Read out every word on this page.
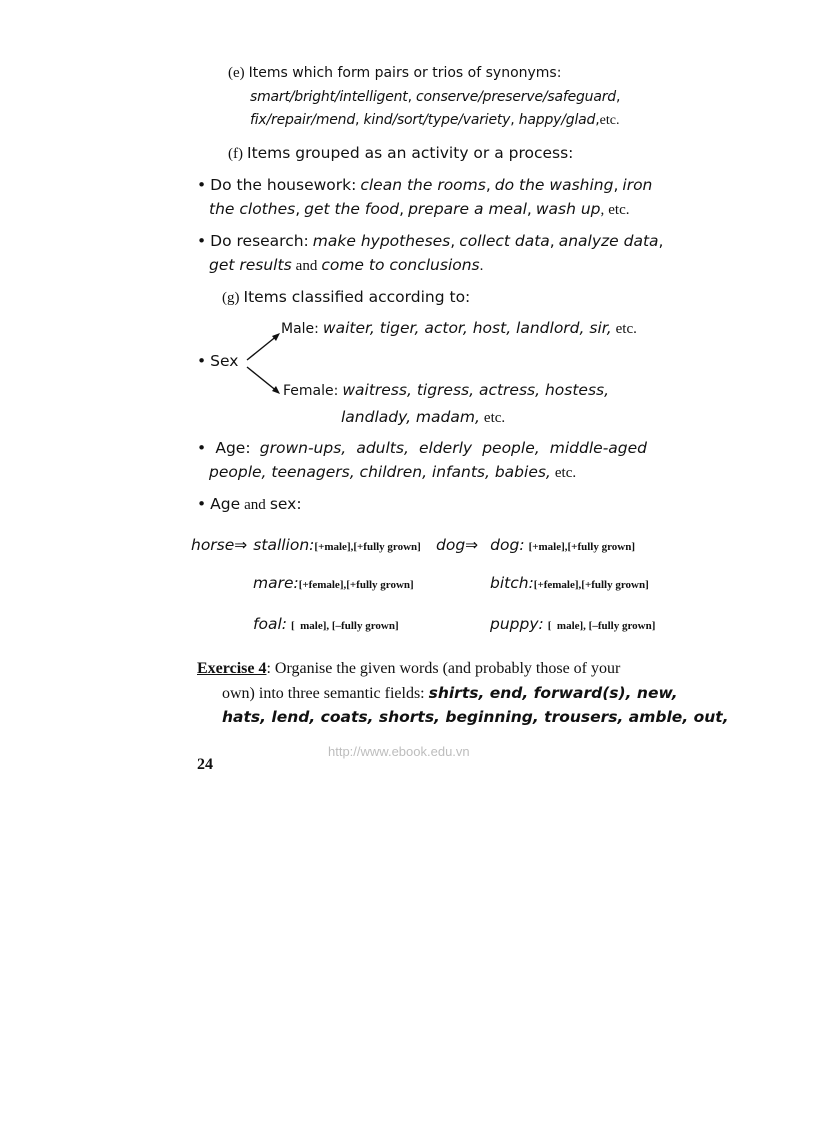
(e) Items which form pairs or trios of synonyms:
smart/bright/intelligent, conserve/preserve/safeguard,
fix/repair/mend, kind/sort/type/variety, happy/glad,etc.
(f) Items grouped as an activity or a process:
• Do the housework: clean the rooms, do the washing, iron
the clothes, get the food, prepare a meal, wash up, etc.
• Do research: make hypotheses, collect data, analyze data,
get results and come to conclusions.
(g) Items classified according to:
Male: waiter, tiger, actor, host, landlord, sir, etc.
• Sex
Female: waitress, tigress, actress, hostess,
landlady, madam, etc.
• Age: grown-ups, adults, elderly people, middle-aged
people, teenagers, children, infants, babies, etc.
• Age and sex:
horse⇒ stallion:[+male],[+fully grown] dog⇒ dog: [+male],[+fully grown]
mare:[+female],[+fully grown]	bitch:[+female],[+fully grown]
foal: [  male], [–fully grown]	puppy: [  male], [–fully grown]
Exercise 4: Organise the given words (and probably those of your
own) into three semantic fields: shirts, end, forward(s), new,
hats, lend, coats, shorts, beginning, trousers, amble, out,
http://www.ebook.edu.vn
24
